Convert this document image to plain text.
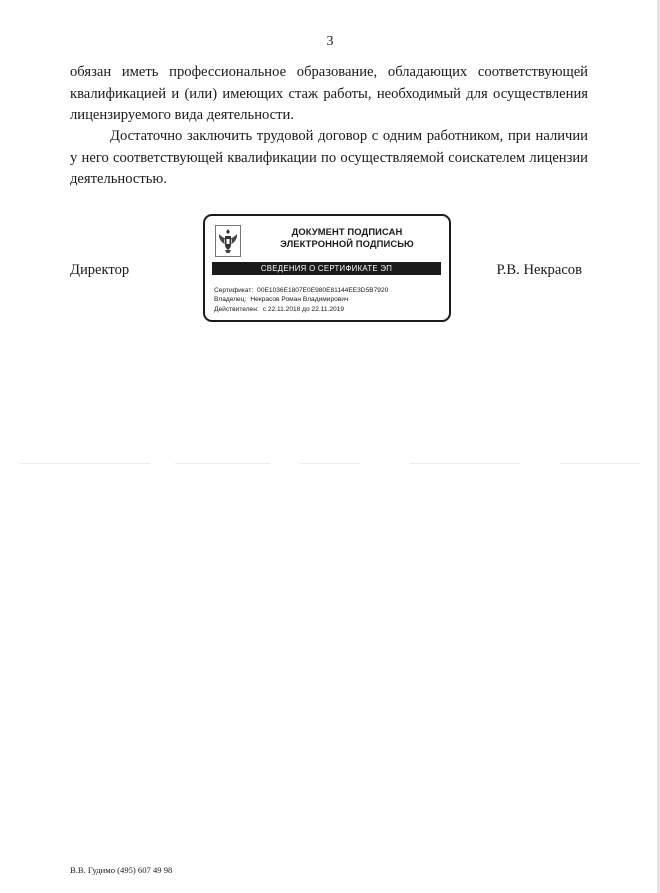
3
обязан иметь профессиональное образование, обладающих соответствующей квалификацией и (или) имеющих стаж работы, необходимый для осуществления лицензируемого вида деятельности.
Достаточно заключить трудовой договор с одним работником, при наличии у него соответствующей квалификации по осуществляемой соискателем лицензии деятельностью.
Директор	Р.В. Некрасов
ДОКУМЕНТ ПОДПИСАН
ЭЛЕКТРОННОЙ ПОДПИСЬЮ
СВЕДЕНИЯ О СЕРТИФИКАТЕ ЭП
Сертификат: 00E1036E1807E0E980E81144EE3D5B7920
Владелец: Некрасов Роман Владимирович
Действителен: с 22.11.2018 до 22.11.2019
В.В. Гудимо (495) 607 49 98
